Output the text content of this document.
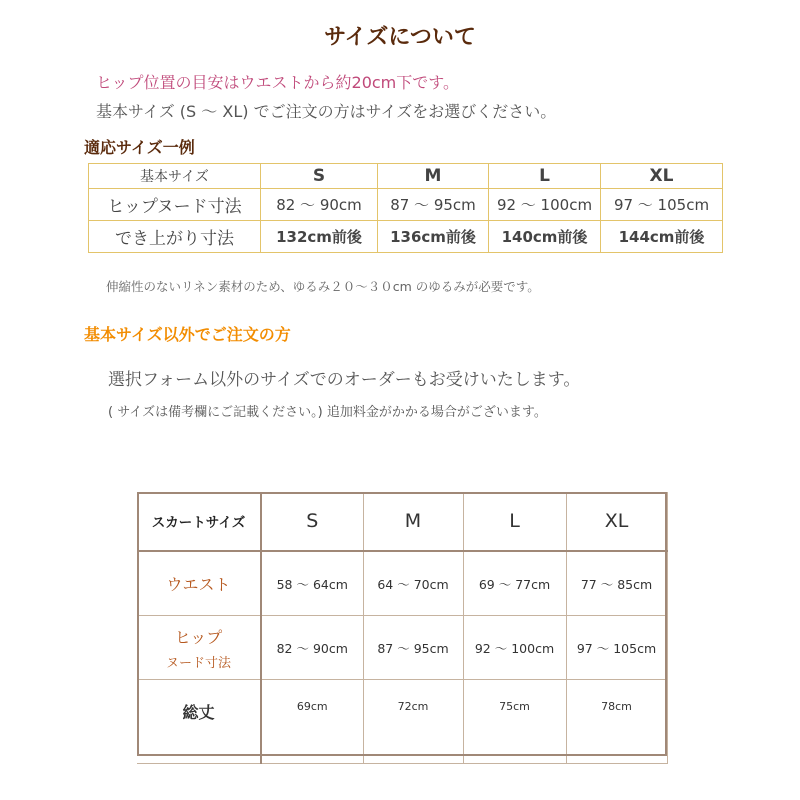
サイズについて
ヒップ位置の目安はウエストから約20cm下です。
基本サイズ (S ～ XL) でご注文の方はサイズをお選びください。
適応サイズ一例
基本サイズ	S	M	L	XL
ヒップヌード寸法	82 ～ 90cm	87 ～ 95cm	92 ～ 100cm	97 ～ 105cm
でき上がり寸法	132cm前後	136cm前後	140cm前後	144cm前後
伸縮性のないリネン素材のため、ゆるみ２０～３０cm のゆるみが必要です。
基本サイズ以外でご注文の方
選択フォーム以外のサイズでのオーダーもお受けいたします。
( サイズは備考欄にご記載ください。) 追加料金がかかる場合がございます。
スカートサイズ	S	M	L	XL
ウエスト	58 ～ 64cm	64 ～ 70cm	69 ～ 77cm	77 ～ 85cm
ヒップ
ヌード寸法	82 ～ 90cm	87 ～ 95cm	92 ～ 100cm	97 ～ 105cm
総丈	69cm	72cm	75cm	78cm
